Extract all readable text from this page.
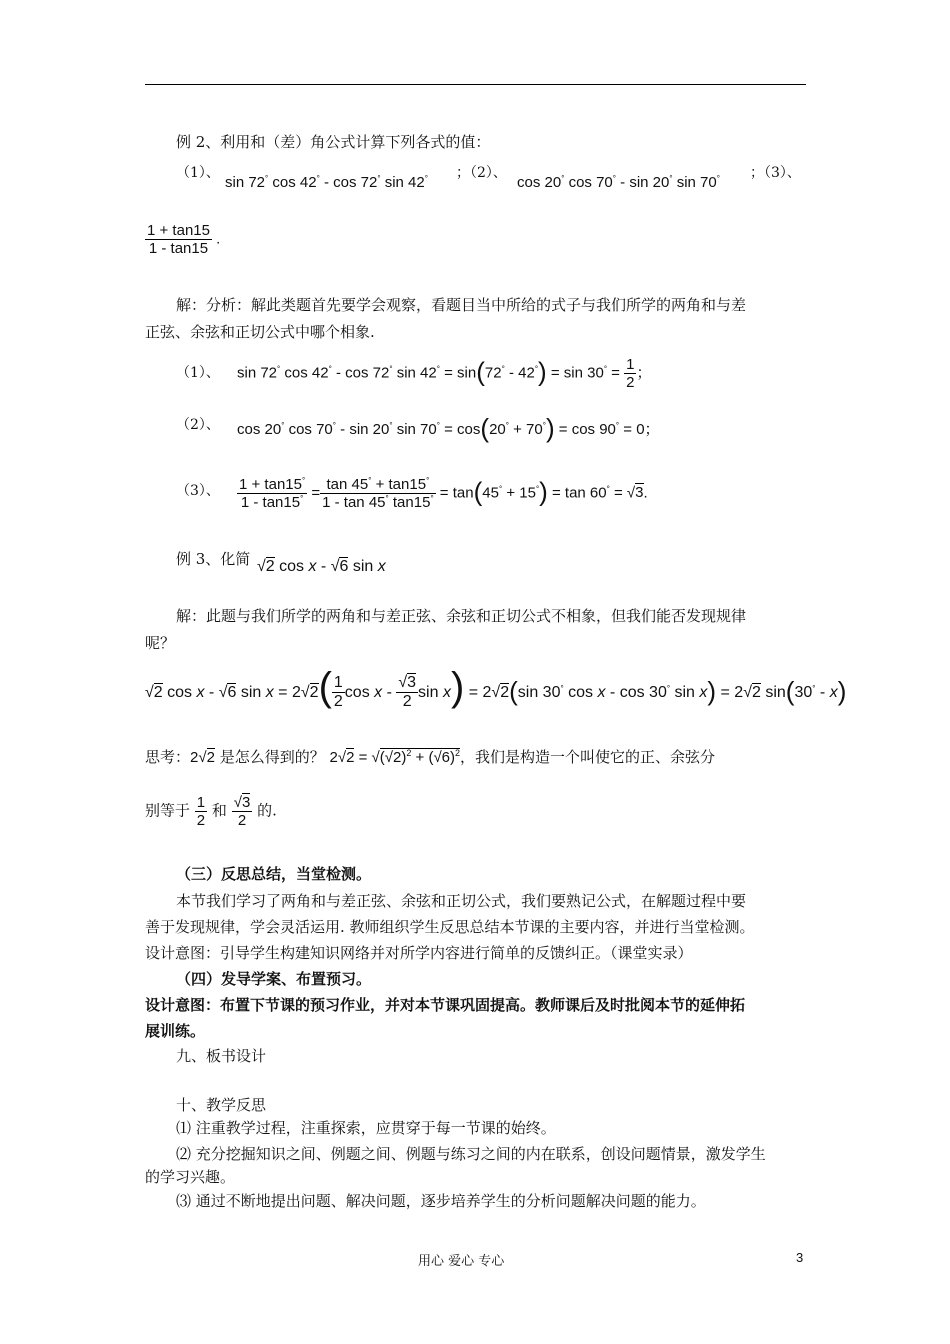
例 2、利用和（差）角公式计算下列各式的值：
（1）、
sin 72° cos 42° - cos 72° sin 42° ；（2）、
cos 20° cos 70° - sin 20° sin 70° ；（3）、
$\frac{1 + \tan 15}{1 - \tan 15}$ .
解：分析：解此类题首先要学会观察，看题目当中所给的式子与我们所学的两角和与差
正弦、余弦和正切公式中哪个相象.
（1）、 sin 72° cos 42° - cos 72° $\sin 42^\circ = \sin(72^\circ - 42^\circ) = \sin 30^\circ = \frac{1}{2}$ ；
（2）、 cos 20° cos 70° - sin 20° sin 70° = cos(20° + 70°) = cos 90° = 0；
（3）、 $\frac{1 + \tan 15^\circ}{1 - \tan 15^\circ} = \frac{\tan 45^\circ + \tan 15^\circ}{1 - \tan 45^\circ \tan 15^\circ} = \tan(45^\circ + 15^\circ) = \tan 60^\circ = √3$.
例 3、化简 √2 cos x - √6 sin x
解：此题与我们所学的两角和与差正弦、余弦和正切公式不相象，但我们能否发现规律
呢？
√2 cos x - √6 $\sin x = 2√2( \frac{1}{2}$ cos x - $\frac{√3}{2}$ sin x) = 2√2(sin 30° cos x - cos 30° sin x) = 2√2 sin(30° - x)
思考：2√2 是怎么得到的？ $2√2 = √(√2)^2 + (√6)^2$，我们是构造一个叫使它的正、余弦分
别等于 $\frac{1}{2}$ 和 $\frac{√3}{2}$ 的.
（三）反思总结，当堂检测。
本节我们学习了两角和与差正弦、余弦和正切公式，我们要熟记公式，在解题过程中要
善于发现规律，学会灵活运用. 教师组织学生反思总结本节课的主要内容，并进行当堂检测。
设计意图：引导学生构建知识网络并对所学内容进行简单的反馈纠正。（课堂实录）
（四）发导学案、布置预习。
设计意图：布置下节课的预习作业，并对本节课巩固提高。教师课后及时批阅本节的延伸拓
展训练。
九、板书设计
十、教学反思
⑴ 注重教学过程，注重探索，应贯穿于每一节课的始终。
⑵ 充分挖掘知识之间、例题之间、例题与练习之间的内在联系，创设问题情景，激发学生
的学习兴趣。
⑶ 通过不断地提出问题、解决问题，逐步培养学生的分析问题解决问题的能力。
用心 爱心 专心	3
